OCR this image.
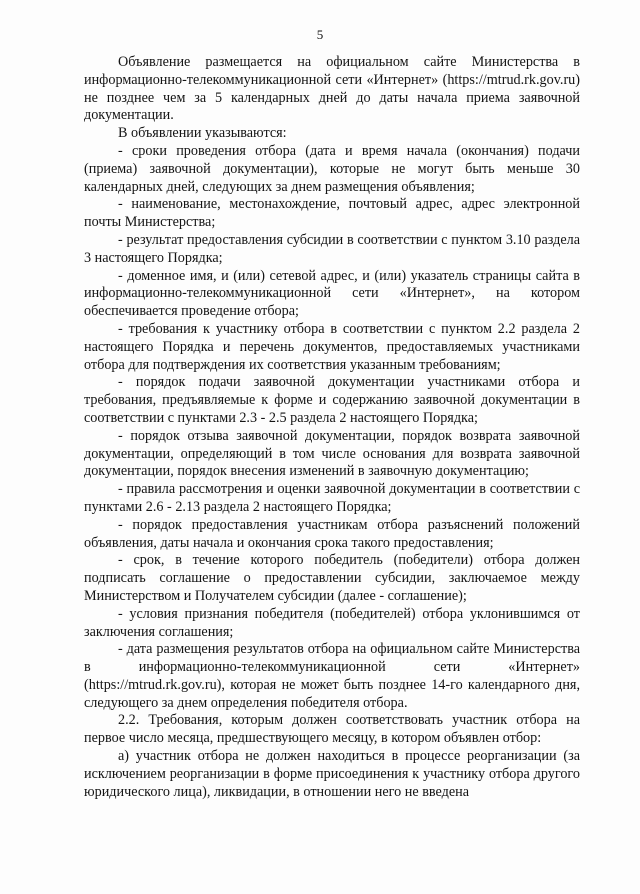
5

Объявление размещается на официальном сайте Министерства в информационно-телекоммуникационной сети «Интернет» (https://mtrud.rk.gov.ru) не позднее чем за 5 календарных дней до даты начала приема заявочной документации.

В объявлении указываются:

- сроки проведения отбора (дата и время начала (окончания) подачи (приема) заявочной документации), которые не могут быть меньше 30 календарных дней, следующих за днем размещения объявления;

- наименование, местонахождение, почтовый адрес, адрес электронной почты Министерства;

- результат предоставления субсидии в соответствии с пунктом 3.10 раздела 3 настоящего Порядка;

- доменное имя, и (или) сетевой адрес, и (или) указатель страницы сайта в информационно-телекоммуникационной сети «Интернет», на котором обеспечивается проведение отбора;

- требования к участнику отбора в соответствии с пунктом 2.2 раздела 2 настоящего Порядка и перечень документов, предоставляемых участниками отбора для подтверждения их соответствия указанным требованиям;

- порядок подачи заявочной документации участниками отбора и требования, предъявляемые к форме и содержанию заявочной документации в соответствии с пунктами 2.3 - 2.5 раздела 2 настоящего Порядка;

- порядок отзыва заявочной документации, порядок возврата заявочной документации, определяющий в том числе основания для возврата заявочной документации, порядок внесения изменений в заявочную документацию;

- правила рассмотрения и оценки заявочной документации в соответствии с пунктами 2.6 - 2.13 раздела 2 настоящего Порядка;

- порядок предоставления участникам отбора разъяснений положений объявления, даты начала и окончания срока такого предоставления;

- срок, в течение которого победитель (победители) отбора должен подписать соглашение о предоставлении субсидии, заключаемое между Министерством и Получателем субсидии (далее - соглашение);

- условия признания победителя (победителей) отбора уклонившимся от заключения соглашения;

- дата размещения результатов отбора на официальном сайте Министерства в информационно-телекоммуникационной сети «Интернет» (https://mtrud.rk.gov.ru), которая не может быть позднее 14-го календарного дня, следующего за днем определения победителя отбора.

2.2. Требования, которым должен соответствовать участник отбора на первое число месяца, предшествующего месяцу, в котором объявлен отбор:

а) участник отбора не должен находиться в процессе реорганизации (за исключением реорганизации в форме присоединения к участнику отбора другого юридического лица), ликвидации, в отношении него не введена
